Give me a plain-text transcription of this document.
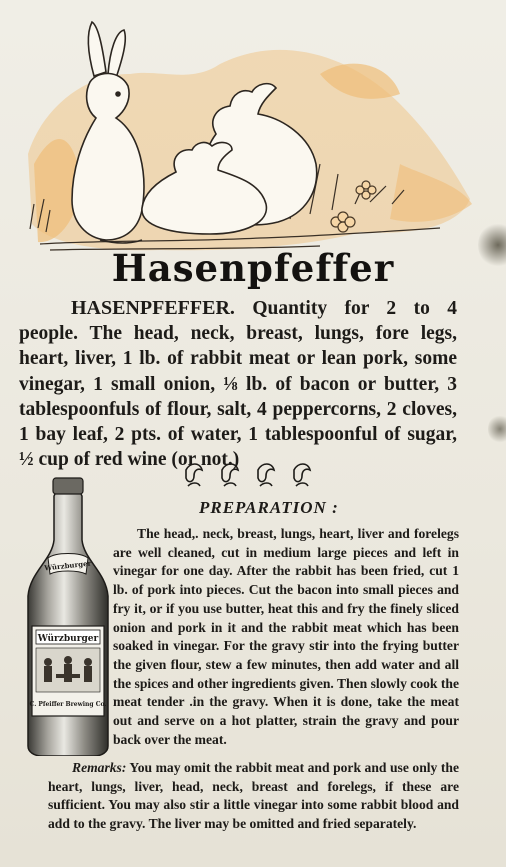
Hasenpfeffer
HASENPFEFFER. Quantity for 2 to 4 people. The head, neck, breast, lungs, fore legs, heart, liver, 1 lb. of rabbit meat or lean pork, some vinegar, 1 small onion, ⅛ lb. of bacon or butter, 3 tablespoonfuls of flour, salt, 4 peppercorns, 2 cloves, 1 bay leaf, 2 pts. of water, 1 tablespoonful of sugar, ½ cup of red wine (or not.)
PREPARATION :
The head,. neck, breast, lungs, heart, liver and forelegs are well cleaned, cut in medium large pieces and left in vinegar for one day. After the rabbit has been fried, cut 1 lb. of pork into pieces. Cut the bacon into small pieces and fry it, or if you use butter, heat this and fry the finely sliced onion and pork in it and the rabbit meat which has been soaked in vinegar. For the gravy stir into the frying butter the given flour, stew a few minutes, then add water and all the spices and other ingredients given. Then slowly cook the meat tender .in the gravy. When it is done, take the meat out and serve on a hot platter, strain the gravy and pour back over the meat.
Remarks: You may omit the rabbit meat and pork and use only the heart, lungs, liver, head, neck, breast and forelegs, if these are sufficient. You may also stir a little vinegar into some rabbit blood and add to the gravy. The liver may be omitted and fried separately.
Würzburger
Würzburger
C. Pfeiffer Brewing Co.
